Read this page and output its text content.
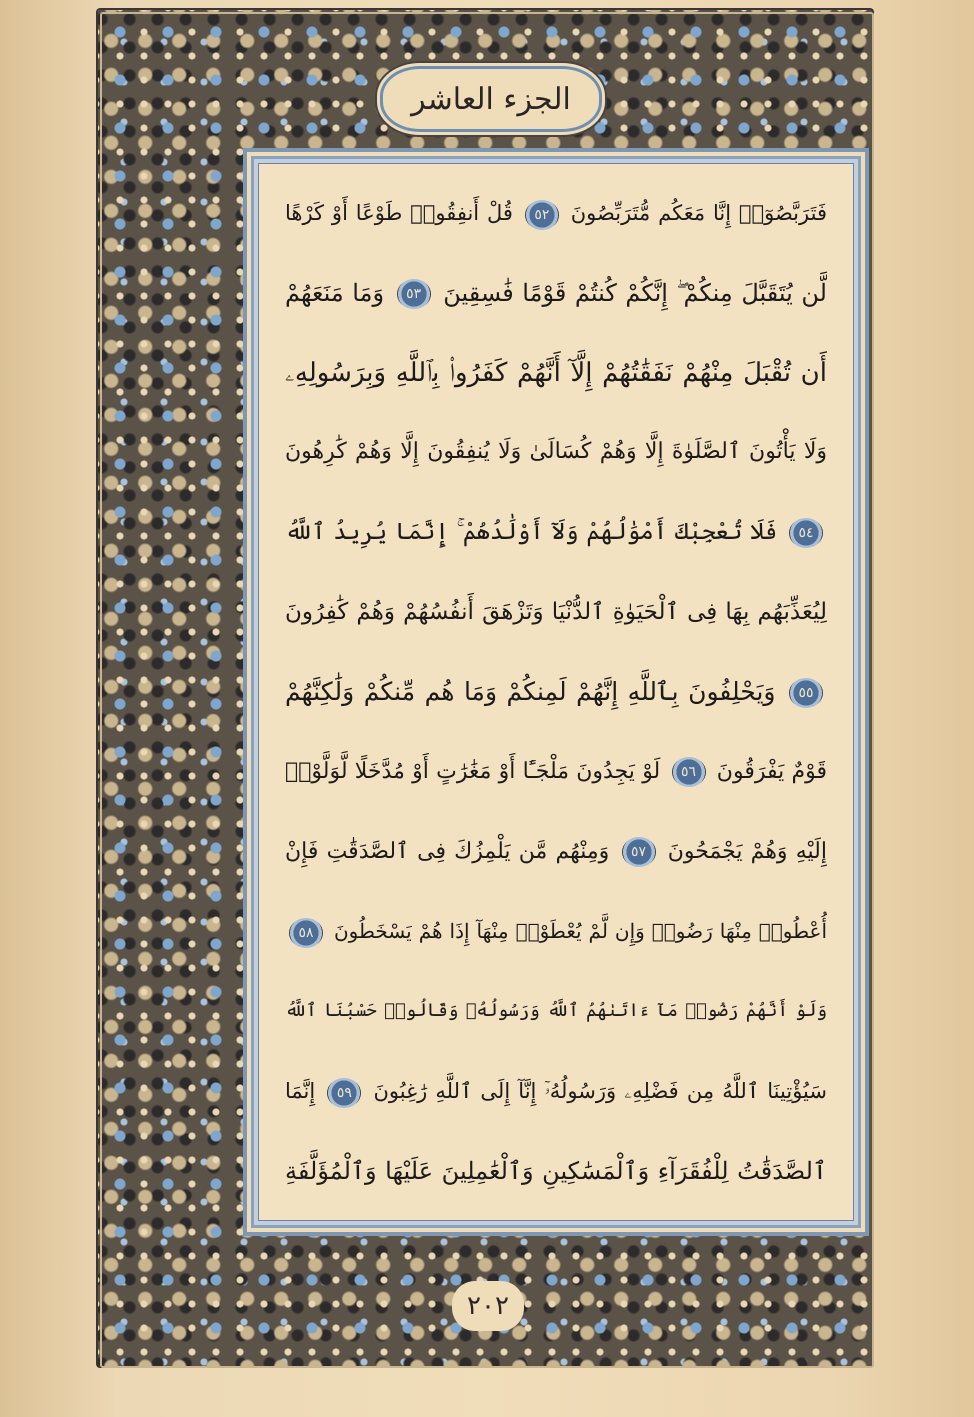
الجزء العاشر
فَتَرَبَّصُوٓا۟ إِنَّا مَعَكُم مُّتَرَبِّصُونَ ٥٢ قُلْ أَنفِقُوا۟ طَوْعًا أَوْ كَرْهًا
لَّن يُتَقَبَّلَ مِنكُمْ ۖ إِنَّكُمْ كُنتُمْ قَوْمًا فَٰسِقِينَ ٥٣ وَمَا مَنَعَهُمْ
أَن تُقْبَلَ مِنْهُمْ نَفَقَٰتُهُمْ إِلَّآ أَنَّهُمْ كَفَرُوا۟ بِٱللَّهِ وَبِرَسُولِهِۦ
وَلَا يَأْتُونَ ٱلصَّلَوٰةَ إِلَّا وَهُمْ كُسَالَىٰ وَلَا يُنفِقُونَ إِلَّا وَهُمْ كَٰرِهُونَ
٥٤ فَلَا تُعْجِبْكَ أَمْوَٰلُهُمْ وَلَآ أَوْلَٰدُهُمْ ۚ إِنَّمَا يُرِيدُ ٱللَّهُ
لِيُعَذِّبَهُم بِهَا فِى ٱلْحَيَوٰةِ ٱلدُّنْيَا وَتَزْهَقَ أَنفُسُهُمْ وَهُمْ كَٰفِرُونَ
٥٥ وَيَحْلِفُونَ بِٱللَّهِ إِنَّهُمْ لَمِنكُمْ وَمَا هُم مِّنكُمْ وَلَٰكِنَّهُمْ
قَوْمٌ يَفْرَقُونَ ٥٦ لَوْ يَجِدُونَ مَلْجَـًٔا أَوْ مَغَٰرَٰتٍ أَوْ مُدَّخَلًا لَّوَلَّوْا۟
إِلَيْهِ وَهُمْ يَجْمَحُونَ ٥٧ وَمِنْهُم مَّن يَلْمِزُكَ فِى ٱلصَّدَقَٰتِ فَإِنْ
أُعْطُوا۟ مِنْهَا رَضُوا۟ وَإِن لَّمْ يُعْطَوْا۟ مِنْهَآ إِذَا هُمْ يَسْخَطُونَ ٥٨
وَلَوْ أَنَّهُمْ رَضُوا۟ مَآ ءَاتَىٰهُمُ ٱللَّهُ وَرَسُولُهُۥ وَقَالُوا۟ حَسْبُنَا ٱللَّهُ
سَيُؤْتِينَا ٱللَّهُ مِن فَضْلِهِۦ وَرَسُولُهُۥٓ إِنَّآ إِلَى ٱللَّهِ رَٰغِبُونَ ٥٩ إِنَّمَا
ٱلصَّدَقَٰتُ لِلْفُقَرَآءِ وَٱلْمَسَٰكِينِ وَٱلْعَٰمِلِينَ عَلَيْهَا وَٱلْمُؤَلَّفَةِ
٢٠٢
